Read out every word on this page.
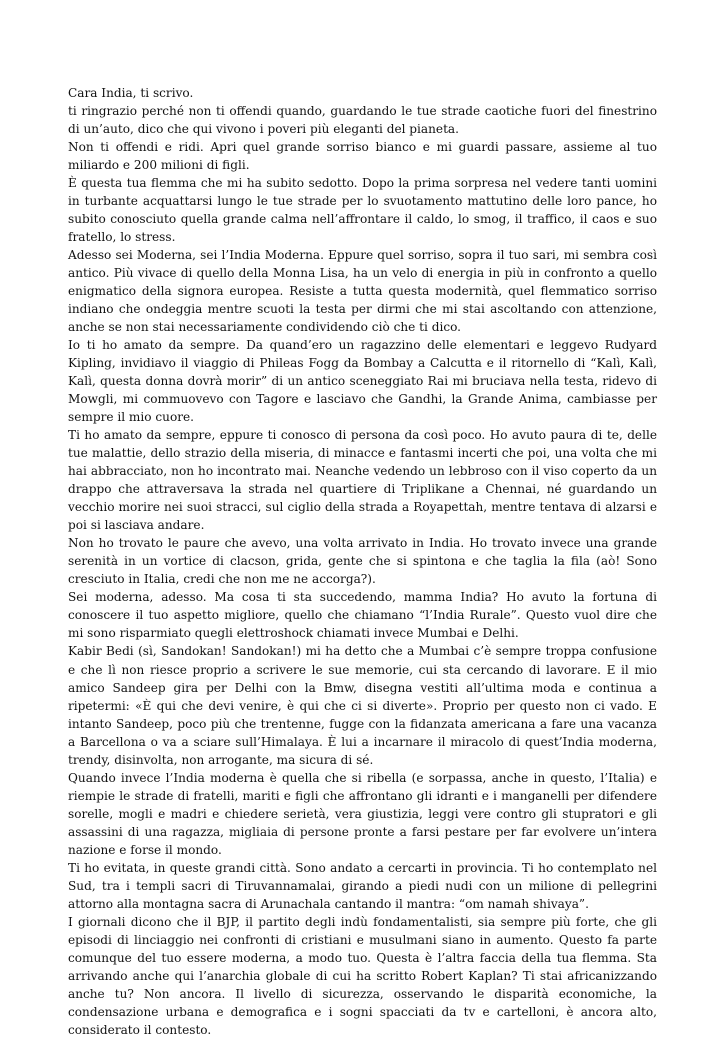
Cara India, ti scrivo.

ti ringrazio perché non ti offendi quando, guardando le tue strade caotiche fuori del finestrino di un’auto, dico che qui vivono i poveri più eleganti del pianeta.

Non ti offendi e ridi. Apri quel grande sorriso bianco e mi guardi passare, assieme al tuo miliardo e 200 milioni di figli.

È questa tua flemma che mi ha subito sedotto. Dopo la prima sorpresa nel vedere tanti uomini in turbante acquattarsi lungo le tue strade per lo svuotamento mattutino delle loro pance, ho subito conosciuto quella grande calma nell’affrontare il caldo, lo smog, il traffico, il caos e suo fratello, lo stress.

Adesso sei Moderna, sei l’India Moderna. Eppure quel sorriso, sopra il tuo sari, mi sembra così antico. Più vivace di quello della Monna Lisa, ha un velo di energia in più in confronto a quello enigmatico della signora europea. Resiste a tutta questa modernità, quel flemmatico sorriso indiano che ondeggia mentre scuoti la testa per dirmi che mi stai ascoltando con attenzione, anche se non stai necessariamente condividendo ciò che ti dico.

Io ti ho amato da sempre. Da quand’ero un ragazzino delle elementari e leggevo Rudyard Kipling, invidiavo il viaggio di Phileas Fogg da Bombay a Calcutta e il ritornello di “Kalì, Kalì, Kalì, questa donna dovrà morir” di un antico sceneggiato Rai mi bruciava nella testa, ridevo di Mowgli, mi commuovevo con Tagore e lasciavo che Gandhi, la Grande Anima, cambiasse per sempre il mio cuore.

Ti ho amato da sempre, eppure ti conosco di persona da così poco. Ho avuto paura di te, delle tue malattie, dello strazio della miseria, di minacce e fantasmi incerti che poi, una volta che mi hai abbracciato, non ho incontrato mai. Neanche vedendo un lebbroso con il viso coperto da un drappo che attraversava la strada nel quartiere di Triplikane a Chennai, né guardando un vecchio morire nei suoi stracci, sul ciglio della strada a Royapettah, mentre tentava di alzarsi e poi si lasciava andare.

Non ho trovato le paure che avevo, una volta arrivato in India. Ho trovato invece una grande serenità in un vortice di clacson, grida, gente che si spintona e che taglia la fila (aò! Sono cresciuto in Italia, credi che non me ne accorga?).

Sei moderna, adesso. Ma cosa ti sta succedendo, mamma India? Ho avuto la fortuna di conoscere il tuo aspetto migliore, quello che chiamano “l’India Rurale”. Questo vuol dire che mi sono risparmiato quegli elettroshock chiamati invece Mumbai e Delhi.

Kabir Bedi (sì, Sandokan! Sandokan!) mi ha detto che a Mumbai c’è sempre troppa confusione e che lì non riesce proprio a scrivere le sue memorie, cui sta cercando di lavorare. E il mio amico Sandeep gira per Delhi con la Bmw, disegna vestiti all’ultima moda e continua a ripetermi: «È qui che devi venire, è qui che ci si diverte». Proprio per questo non ci vado. E intanto Sandeep, poco più che trentenne, fugge con la fidanzata americana a fare una vacanza a Barcellona o va a sciare sull’Himalaya. È lui a incarnare il miracolo di quest’India moderna, trendy, disinvolta, non arrogante, ma sicura di sé.

Quando invece l’India moderna è quella che si ribella (e sorpassa, anche in questo, l’Italia) e riempie le strade di fratelli, mariti e figli che affrontano gli idranti e i manganelli per difendere sorelle, mogli e madri e chiedere serietà, vera giustizia, leggi vere contro gli stupratori e gli assassini di una ragazza, migliaia di persone pronte a farsi pestare per far evolvere un’intera nazione e forse il mondo.

Ti ho evitata, in queste grandi città. Sono andato a cercarti in provincia. Ti ho contemplato nel Sud, tra i templi sacri di Tiruvannamalai, girando a piedi nudi con un milione di pellegrini attorno alla montagna sacra di Arunachala cantando il mantra: “om namah shivaya”.

I giornali dicono che il BJP, il partito degli indù fondamentalisti, sia sempre più forte, che gli episodi di linciaggio nei confronti di cristiani e musulmani siano in aumento. Questo fa parte comunque del tuo essere moderna, a modo tuo. Questa è l’altra faccia della tua flemma. Sta arrivando anche qui l’anarchia globale di cui ha scritto Robert Kaplan? Ti stai africanizzando anche tu? Non ancora. Il livello di sicurezza, osservando le disparità economiche, la condensazione urbana e demografica e i sogni spacciati da tv e cartelloni, è ancora alto, considerato il contesto.
